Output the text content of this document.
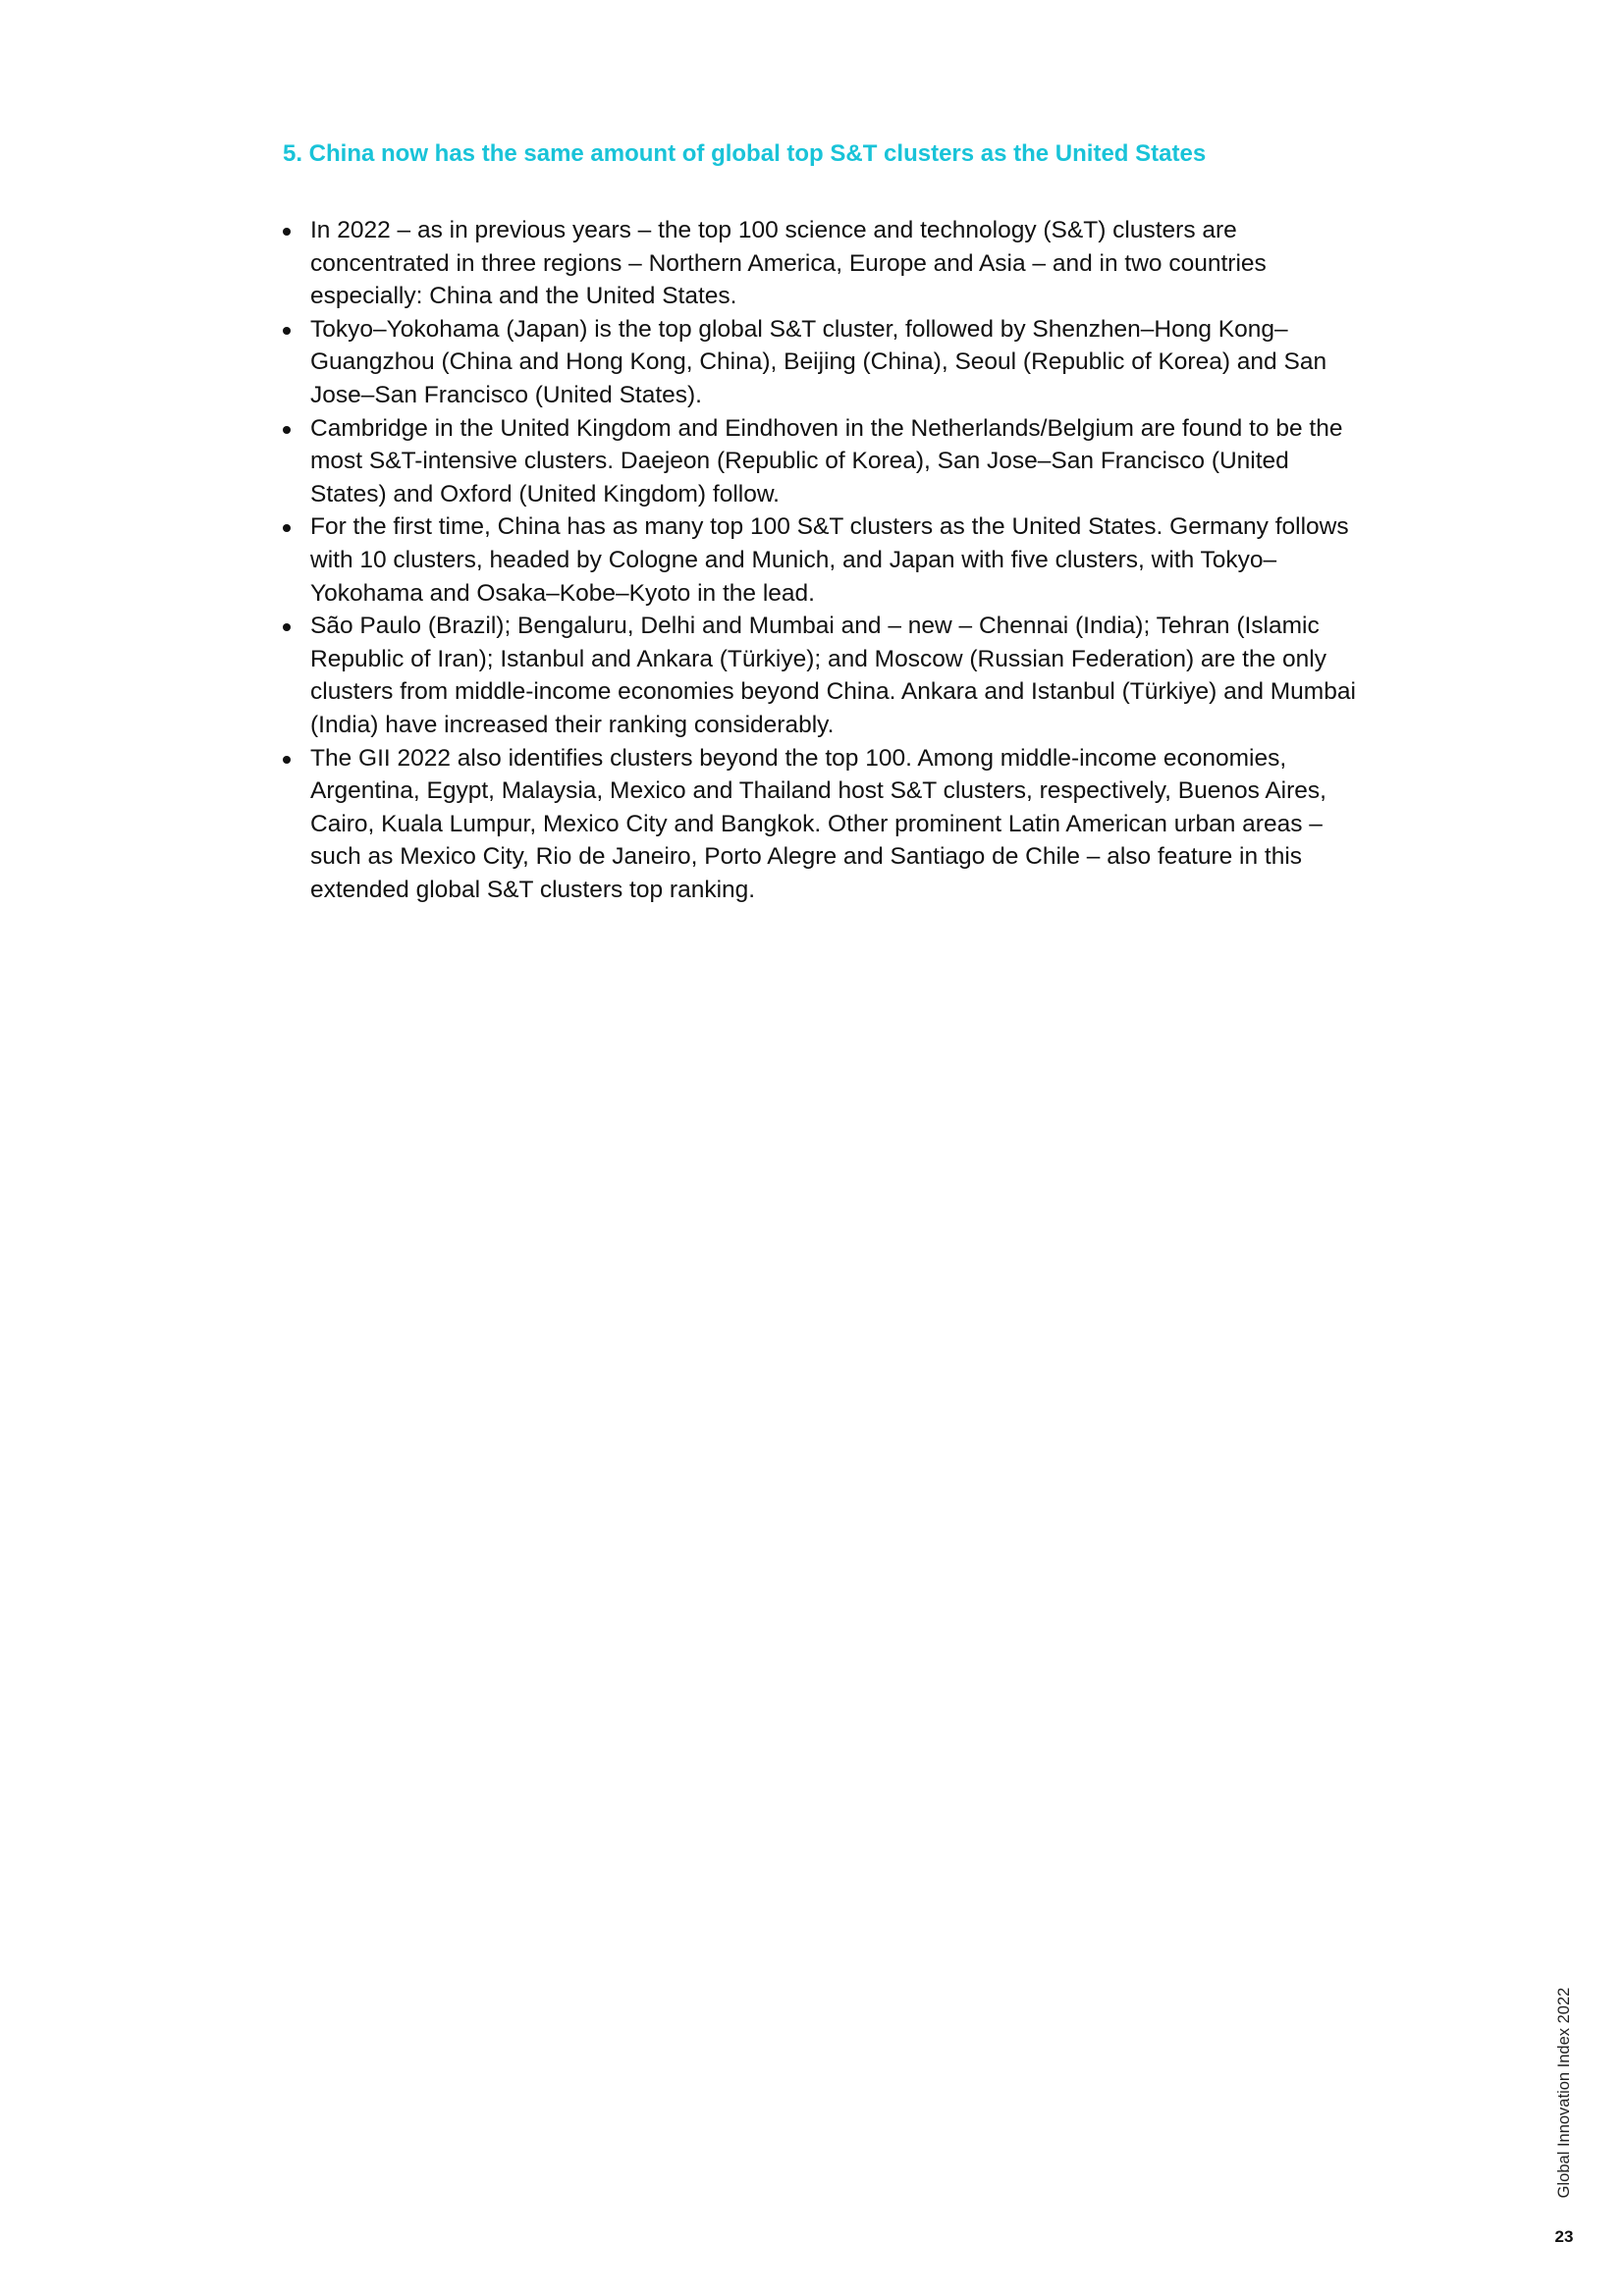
5. China now has the same amount of global top S&T clusters as the United States
In 2022 – as in previous years – the top 100 science and technology (S&T) clusters are concentrated in three regions – Northern America, Europe and Asia – and in two countries especially: China and the United States.
Tokyo–Yokohama (Japan) is the top global S&T cluster, followed by Shenzhen–Hong Kong–Guangzhou (China and Hong Kong, China), Beijing (China), Seoul (Republic of Korea) and San Jose–San Francisco (United States).
Cambridge in the United Kingdom and Eindhoven in the Netherlands/Belgium are found to be the most S&T-intensive clusters. Daejeon (Republic of Korea), San Jose–San Francisco (United States) and Oxford (United Kingdom) follow.
For the first time, China has as many top 100 S&T clusters as the United States. Germany follows with 10 clusters, headed by Cologne and Munich, and Japan with five clusters, with Tokyo–Yokohama and Osaka–Kobe–Kyoto in the lead.
São Paulo (Brazil); Bengaluru, Delhi and Mumbai and – new – Chennai (India); Tehran (Islamic Republic of Iran); Istanbul and Ankara (Türkiye); and Moscow (Russian Federation) are the only clusters from middle-income economies beyond China. Ankara and Istanbul (Türkiye) and Mumbai (India) have increased their ranking considerably.
The GII 2022 also identifies clusters beyond the top 100. Among middle-income economies, Argentina, Egypt, Malaysia, Mexico and Thailand host S&T clusters, respectively, Buenos Aires, Cairo, Kuala Lumpur, Mexico City and Bangkok. Other prominent Latin American urban areas – such as Mexico City, Rio de Janeiro, Porto Alegre and Santiago de Chile – also feature in this extended global S&T clusters top ranking.
Global Innovation Index 2022
23
